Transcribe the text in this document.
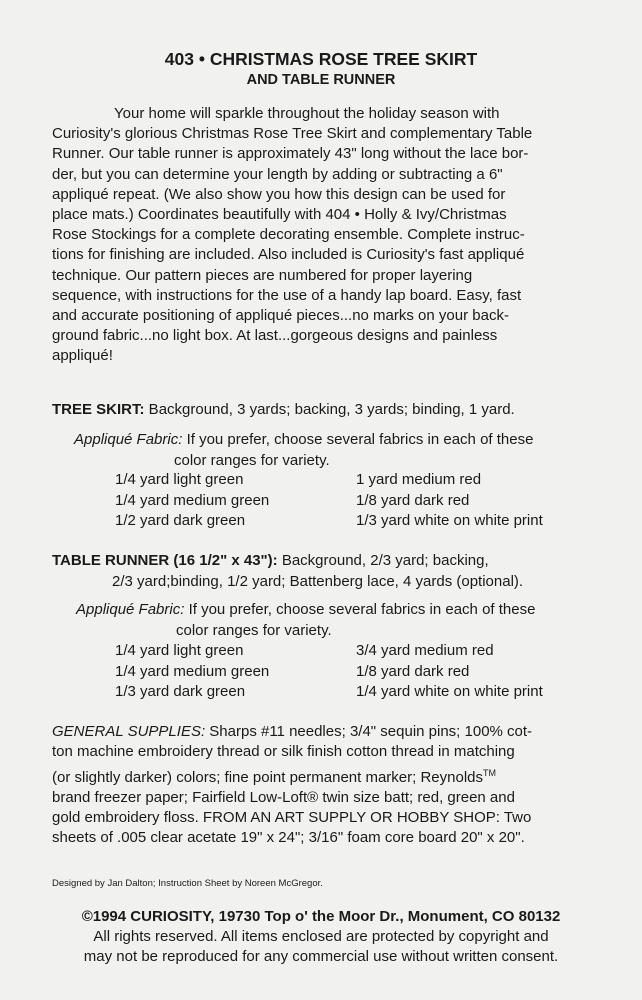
403 • CHRISTMAS ROSE TREE SKIRT
AND TABLE RUNNER

Your home will sparkle throughout the holiday season with
Curiosity's glorious Christmas Rose Tree Skirt and complementary Table
Runner. Our table runner is approximately 43" long without the lace bor-
der, but you can determine your length by adding or subtracting a 6"
appliqué repeat. (We also show you how this design can be used for
place mats.) Coordinates beautifully with 404 • Holly & Ivy/Christmas
Rose Stockings for a complete decorating ensemble. Complete instruc-
tions for finishing are included. Also included is Curiosity's fast appliqué
technique. Our pattern pieces are numbered for proper layering
sequence, with instructions for the use of a handy lap board. Easy, fast
and accurate positioning of appliqué pieces...no marks on your back-
ground fabric...no light box. At last...gorgeous designs and painless
appliqué!

TREE SKIRT: Background, 3 yards; backing, 3 yards; binding, 1 yard.
Appliqué Fabric: If you prefer, choose several fabrics in each of these
color ranges for variety.
1/4 yard light green
1/4 yard medium green
1/2 yard dark green
1 yard medium red
1/8 yard dark red
1/3 yard white on white print
TABLE RUNNER (16 1/2" x 43"): Background, 2/3 yard; backing,
2/3 yard;binding, 1/2 yard; Battenberg lace, 4 yards (optional).
Appliqué Fabric: If you prefer, choose several fabrics in each of these
color ranges for variety.
1/4 yard light green
1/4 yard medium green
1/3 yard dark green
3/4 yard medium red
1/8 yard dark red
1/4 yard white on white print
GENERAL SUPPLIES: Sharps #11 needles; 3/4" sequin pins; 100% cot-
ton machine embroidery thread or silk finish cotton thread in matching
(or slightly darker) colors; fine point permanent marker; Reynolds™
brand freezer paper; Fairfield Low-Loft® twin size batt; red, green and
gold embroidery floss. FROM AN ART SUPPLY OR HOBBY SHOP: Two
sheets of .005 clear acetate 19" x 24"; 3/16" foam core board 20" x 20".
Designed by Jan Dalton; Instruction Sheet by Noreen McGregor.
©1994 CURIOSITY, 19730 Top o' the Moor Dr., Monument, CO 80132
All rights reserved. All items enclosed are protected by copyright and
may not be reproduced for any commercial use without written consent.
